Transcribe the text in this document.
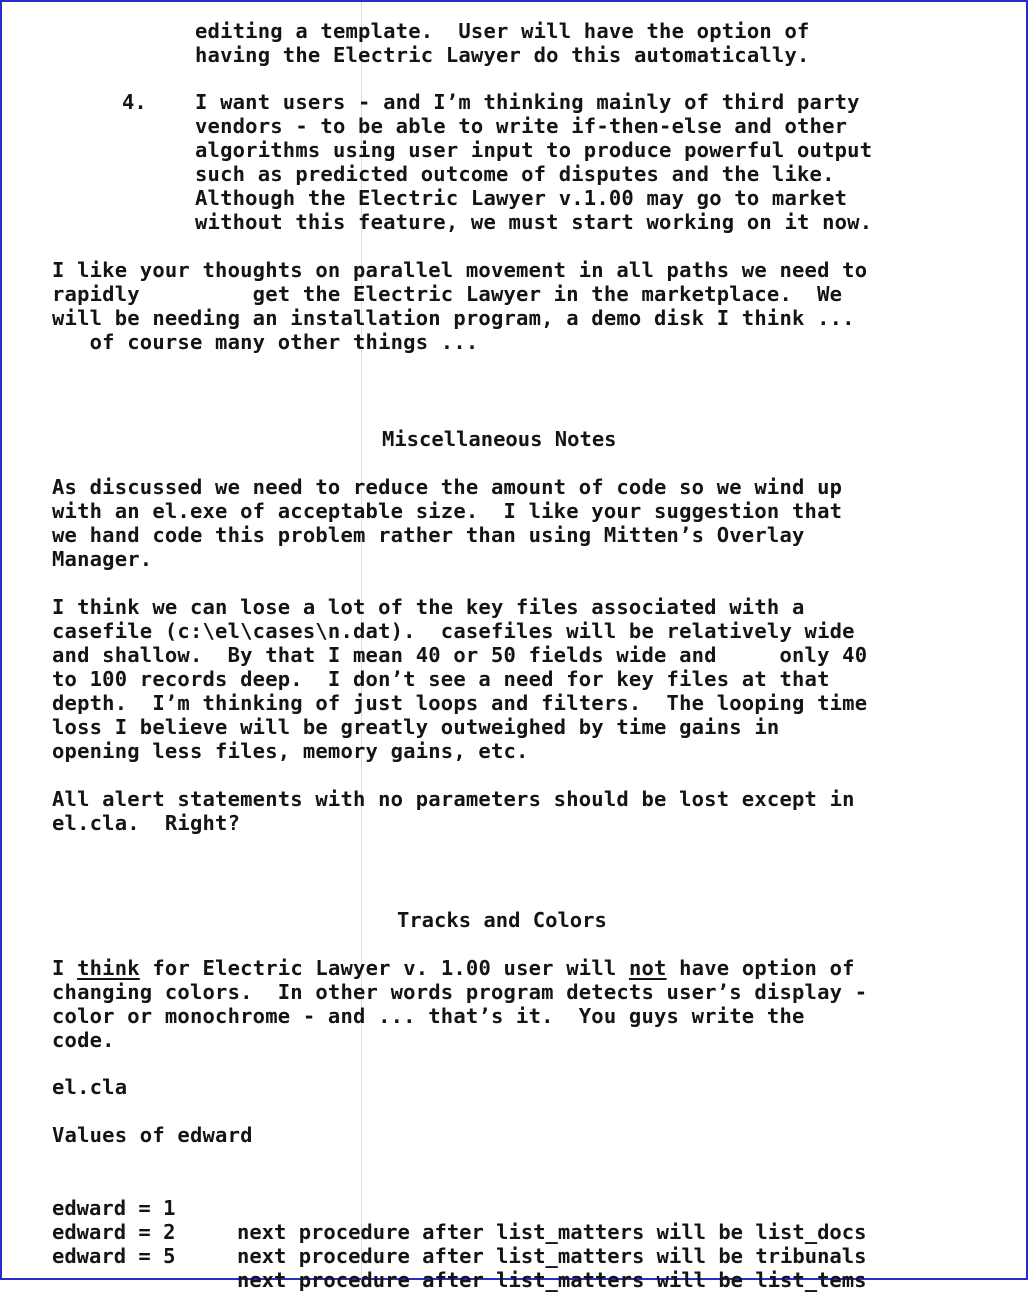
editing a template.  User will have the option of

having the Electric Lawyer do this automatically.

4. I want users - and I’m thinking mainly of third party

vendors - to be able to write if-then-else and other

algorithms using user input to produce powerful output

such as predicted outcome of disputes and the like.

Although the Electric Lawyer v.1.00 may go to market

without this feature, we must start working on it now.

I like your thoughts on parallel movement in all paths we need to

rapidly         get the Electric Lawyer in the marketplace.  We

will be needing an installation program, a demo disk I think ...

of course many other things ...

Miscellaneous Notes

As discussed we need to reduce the amount of code so we wind up

with an el.exe of acceptable size.  I like your suggestion that

we hand code this problem rather than using Mitten’s Overlay

Manager.

I think we can lose a lot of the key files associated with a

casefile (c:\el\cases\n.dat).  casefiles will be relatively wide

and shallow.  By that I mean 40 or 50 fields wide and     only 40

to 100 records deep.  I don’t see a need for key files at that

depth.  I’m thinking of just loops and filters.  The looping time

loss I believe will be greatly outweighed by time gains in

opening less files, memory gains, etc.

All alert statements with no parameters should be lost except in

el.cla.  Right?

Tracks and Colors

I think for Electric Lawyer v. 1.00 user will not have option of

changing colors.  In other words program detects user’s display -

color or monochrome - and ... that’s it.  You guys write the

code.

el.cla

Values of edward

edward = 1

next procedure after list_matters will be list_docs

edward = 2

next procedure after list_matters will be tribunals

edward = 5

next procedure after list_matters will be list_tems
